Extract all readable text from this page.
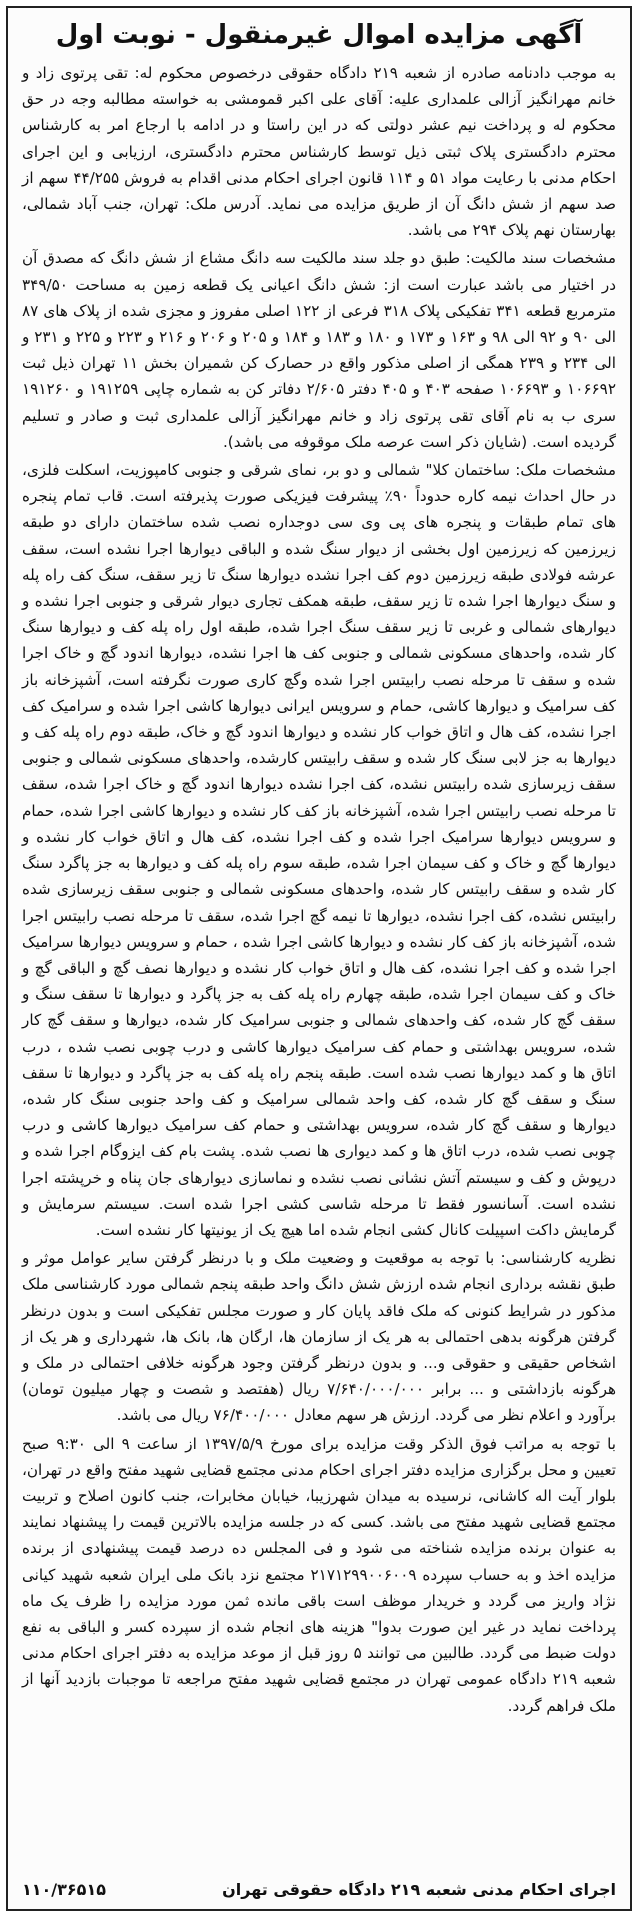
آگهی مزایده اموال غیرمنقول - نوبت اول

به موجب دادنامه صادره از شعبه ۲۱۹ دادگاه حقوقی درخصوص محکوم له: تقی پرتوی زاد و خانم مهرانگیز آزالی علمداری علیه: آقای علی اکبر قمومشی به خواسته مطالبه وجه در حق محکوم له و پرداخت نیم عشر دولتی که در این راستا و در ادامه با ارجاع امر به کارشناس محترم دادگستری پلاک ثبتی ذیل توسط کارشناس محترم دادگستری، ارزیابی و این اجرای احکام مدنی با رعایت مواد ۵۱ و ۱۱۴ قانون اجرای احکام مدنی اقدام به فروش ۴۴/۲۵۵ سهم از صد سهم از شش دانگ آن از طریق مزایده می نماید. آدرس ملک: تهران، جنب آباد شمالی، بهارستان نهم پلاک ۲۹۴ می باشد.

مشخصات سند مالکیت: طبق دو جلد سند مالکیت سه دانگ مشاع از شش دانگ که مصدق آن در اختیار می باشد عبارت است از: شش دانگ اعیانی یک قطعه زمین به مساحت ۳۴۹/۵۰ مترمربع قطعه ۳۴۱ تفکیکی پلاک ۳۱۸ فرعی از ۱۲۲ اصلی مفروز و مجزی شده از پلاک های ۸۷ الی ۹۰ و ۹۲ الی ۹۸ و ۱۶۳ و ۱۷۳ و ۱۸۰ و ۱۸۳ و ۱۸۴ و ۲۰۵ و ۲۰۶ و ۲۱۶ و ۲۲۳ و ۲۲۵ و ۲۳۱ و الی ۲۳۴ و ۲۳۹ همگی از اصلی مذکور واقع در حصارک کن شمیران بخش ۱۱ تهران ذیل ثبت ۱۰۶۶۹۲ و ۱۰۶۶۹۳ صفحه ۴۰۳ و ۴۰۵ دفتر ۲/۶۰۵ دفاتر کن به شماره چاپی ۱۹۱۲۵۹ و ۱۹۱۲۶۰ سری ب به نام آقای تقی پرتوی زاد و خانم مهرانگیز آزالی علمداری ثبت و صادر و تسلیم گردیده است. (شایان ذکر است عرصه ملک موقوفه می باشد).

مشخصات ملک: ساختمان کلا" شمالی و دو بر، نمای شرقی و جنوبی کامپوزیت، اسکلت فلزی، در حال احداث نیمه کاره حدوداً ۹۰٪ پیشرفت فیزیکی صورت پذیرفته است. قاب تمام پنجره های تمام طبقات و پنجره های پی وی سی دوجداره نصب شده ساختمان دارای دو طبقه زیرزمین که زیرزمین اول بخشی از دیوار سنگ شده و الباقی دیوارها اجرا نشده است، سقف عرشه فولادی طبقه زیرزمین دوم کف اجرا نشده دیوارها سنگ تا زیر سقف، سنگ کف راه پله و سنگ دیوارها اجرا شده تا زیر سقف، طبقه همکف تجاری دیوار شرقی و جنوبی اجرا نشده و دیوارهای شمالی و غربی تا زیر سقف سنگ اجرا شده، طبقه اول راه پله کف و دیوارها سنگ کار شده، واحدهای مسکونی شمالی و جنوبی کف ها اجرا نشده، دیوارها اندود گچ و خاک اجرا شده و سقف تا مرحله نصب رابیتس اجرا شده وگچ کاری صورت نگرفته است، آشپزخانه باز کف سرامیک و دیوارها کاشی، حمام و سرویس ایرانی دیوارها کاشی اجرا شده و سرامیک کف اجرا نشده، کف هال و اتاق خواب کار نشده و دیوارها اندود گچ و خاک، طبقه دوم راه پله کف و دیوارها به جز لابی سنگ کار شده و سقف رابیتس کارشده، واحدهای مسکونی شمالی و جنوبی سقف زیرسازی شده رابیتس نشده، کف اجرا نشده دیوارها اندود گچ و خاک اجرا شده، سقف تا مرحله نصب رابیتس اجرا شده، آشپزخانه باز کف کار نشده و دیوارها کاشی اجرا شده، حمام و سرویس دیوارها سرامیک اجرا شده و کف اجرا نشده، کف هال و اتاق خواب کار نشده و دیوارها گچ و خاک و کف سیمان اجرا شده، طبقه سوم راه پله کف و دیوارها به جز پاگرد سنگ کار شده و سقف رابیتس کار شده، واحدهای مسکونی شمالی و جنوبی سقف زیرسازی شده رابیتس نشده، کف اجرا نشده، دیوارها تا نیمه گچ اجرا شده، سقف تا مرحله نصب رابیتس اجرا شده، آشپزخانه باز کف کار نشده و دیوارها کاشی اجرا شده ، حمام و سرویس دیوارها سرامیک اجرا شده و کف اجرا نشده، کف هال و اتاق خواب کار نشده و دیوارها نصف گچ و الباقی گچ و خاک و کف سیمان اجرا شده، طبقه چهارم راه پله کف به جز پاگرد و دیوارها تا سقف سنگ و سقف گچ کار شده، کف واحدهای شمالی و جنوبی سرامیک کار شده، دیوارها و سقف گچ کار شده، سرویس بهداشتی و حمام کف سرامیک دیوارها کاشی و درب چوبی نصب شده ، درب اتاق ها و کمد دیوارها نصب شده است. طبقه پنجم راه پله کف به جز پاگرد و دیوارها تا سقف سنگ و سقف گچ کار شده، کف واحد شمالی سرامیک و کف واحد جنوبی سنگ کار شده، دیوارها و سقف گچ کار شده، سرویس بهداشتی و حمام کف سرامیک دیوارها کاشی و درب چوبی نصب شده، درب اتاق ها و کمد دیواری ها نصب شده. پشت بام کف ایزوگام اجرا شده و درپوش و کف و سیستم آتش نشانی نصب نشده و نماسازی دیوارهای جان پناه و خرپشته اجرا نشده است. آسانسور فقط تا مرحله شاسی کشی اجرا شده است. سیستم سرمایش و گرمایش داکت اسپیلت کانال کشی انجام شده اما هیچ یک از یونیتها کار نشده است.

نظریه کارشناسی: با توجه به موقعیت و وضعیت ملک و با درنظر گرفتن سایر عوامل موثر و طبق نقشه برداری انجام شده ارزش شش دانگ واحد طبقه پنجم شمالی مورد کارشناسی ملک مذکور در شرایط کنونی که ملک فاقد پایان کار و صورت مجلس تفکیکی است و بدون درنظر گرفتن هرگونه بدهی احتمالی به هر یک از سازمان ها، ارگان ها، بانک ها، شهرداری و هر یک از اشخاص حقیقی و حقوقی و... و بدون درنظر گرفتن وجود هرگونه خلافی احتمالی در ملک و هرگونه بازداشتی و ... برابر ۷/۶۴۰/۰۰۰/۰۰۰ ریال (هفتصد و شصت و چهار میلیون تومان) برآورد و اعلام نظر می گردد. ارزش هر سهم معادل ۷۶/۴۰۰/۰۰۰ ریال می باشد.

با توجه به مراتب فوق الذکر وقت مزایده برای مورخ ۱۳۹۷/۵/۹ از ساعت ۹ الی ۹:۳۰ صبح تعیین و محل برگزاری مزایده دفتر اجرای احکام مدنی مجتمع قضایی شهید مفتح واقع در تهران، بلوار آیت اله کاشانی، نرسیده به میدان شهرزیبا، خیابان مخابرات، جنب کانون اصلاح و تربیت مجتمع قضایی شهید مفتح می باشد. کسی که در جلسه مزایده بالاترین قیمت را پیشنهاد نمایند به عنوان برنده مزایده شناخته می شود و فی المجلس ده درصد قیمت پیشنهادی از برنده مزایده اخذ و به حساب سپرده ۲۱۷۱۲۹۹۰۰۶۰۰۹ مجتمع نزد بانک ملی ایران شعبه شهید کیانی نژاد واریز می گردد و خریدار موظف است باقی مانده ثمن مورد مزایده را ظرف یک ماه پرداخت نماید در غیر این صورت بدوا" هزینه های انجام شده از سپرده کسر و الباقی به نفع دولت ضبط می گردد. طالبین می توانند ۵ روز قبل از موعد مزایده به دفتر اجرای احکام مدنی شعبه ۲۱۹ دادگاه عمومی تهران در مجتمع قضایی شهید مفتح مراجعه تا موجبات بازدید آنها از ملک فراهم گردد.

اجرای احکام مدنی شعبه ۲۱۹ دادگاه حقوقی تهران
۱۱۰/۳۶۵۱۵
